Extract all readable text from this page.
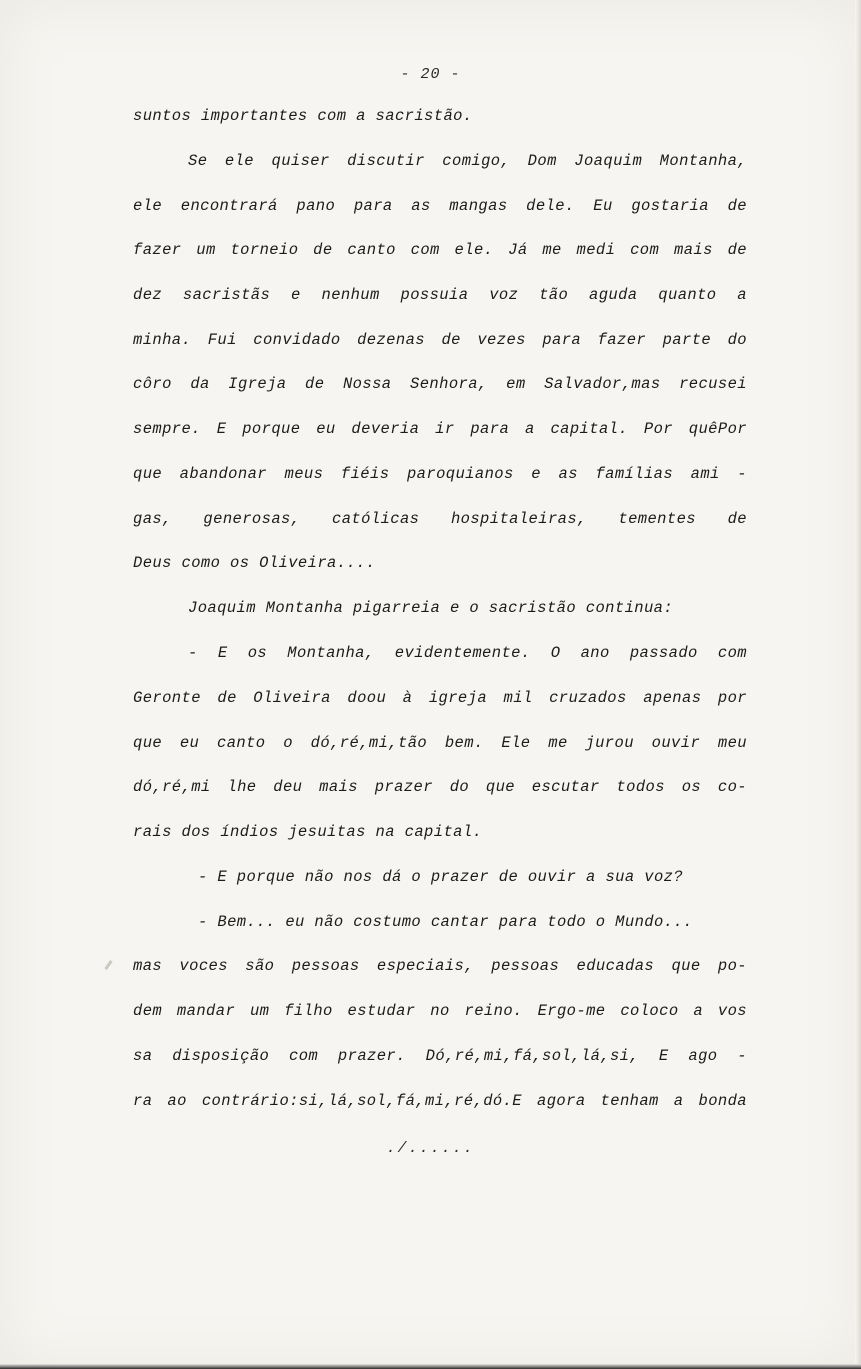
- 20 -
suntos importantes com a sacristão.
Se ele quiser discutir comigo, Dom Joaquim Montanha,
ele encontrará pano para as mangas dele. Eu gostaria de
fazer um torneio de canto com ele. Já me medi com mais de
dez sacristãs e nenhum possuia voz tão aguda quanto a
minha. Fui convidado dezenas de vezes para fazer parte do
côro da Igreja de Nossa Senhora, em Salvador,mas recusei
sempre. E porque eu deveria ir para a capital. Por quêPor
que abandonar meus fiéis paroquianos e as famílias ami -
gas, generosas, católicas hospitaleiras, tementes de
Deus como os Oliveira....
Joaquim Montanha pigarreia e o sacristão continua:
- E os Montanha, evidentemente. O ano passado com
Geronte de Oliveira doou à igreja mil cruzados apenas por
que eu canto o dó,ré,mi,tão bem. Ele me jurou ouvir meu
dó,ré,mi lhe deu mais prazer do que escutar todos os co-
rais dos índios jesuitas na capital.
- E porque não nos dá o prazer de ouvir a sua voz?
- Bem... eu não costumo cantar para todo o Mundo...
mas voces são pessoas especiais, pessoas educadas que po-
dem mandar um filho estudar no reino. Ergo-me coloco a vos
sa disposição com prazer. Dó,ré,mi,fá,sol,lá,si, E ago -
ra ao contrário:si,lá,sol,fá,mi,ré,dó.E agora tenham a bonda
./......
